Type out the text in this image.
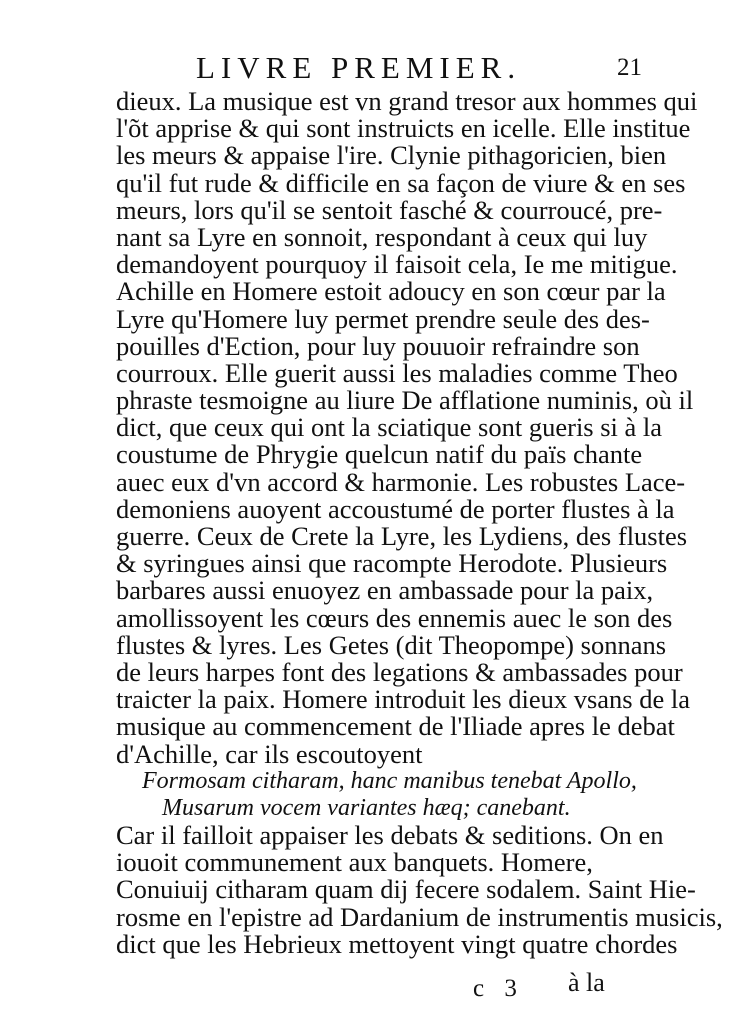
LIVRE PREMIER.	21
dieux. La musique est vn grand tresor aux hommes qui
l'õt apprise & qui sont instruicts en icelle. Elle institue
les meurs & appaise l'ire. Clynie pithagoricien, bien
qu'il fut rude & difficile en sa façon de viure & en ses
meurs, lors qu'il se sentoit fasché & courroucé, pre-
nant sa Lyre en sonnoit, respondant à ceux qui luy
demandoyent pourquoy il faisoit cela, Ie me mitigue.
Achille en Homere estoit adoucy en son cœur par la
Lyre qu'Homere luy permet prendre seule des des-
pouilles d'Ection, pour luy pouuoir refraindre son
courroux. Elle guerit aussi les maladies comme Theo
phraste tesmoigne au liure De afflatione numinis, où il
dict, que ceux qui ont la sciatique sont gueris si à la
coustume de Phrygie quelcun natif du païs chante
auec eux d'vn accord & harmonie. Les robustes Lace-
demoniens auoyent accoustumé de porter flustes à la
guerre. Ceux de Crete la Lyre, les Lydiens, des flustes
& syringues ainsi que racompte Herodote. Plusieurs
barbares aussi enuoyez en ambassade pour la paix,
amollissoyent les cœurs des ennemis auec le son des
flustes & lyres. Les Getes (dit Theopompe) sonnans
de leurs harpes font des legations & ambassades pour
traicter la paix. Homere introduit les dieux vsans de la
musique au commencement de l'Iliade apres le debat
d'Achille, car ils escoutoyent
Formosam citharam, hanc manibus tenebat Apollo,
Musarum vocem variantes hæq; canebant.
Car il failloit appaiser les debats & seditions. On en
iouoit communement aux banquets. Homere,
Conuiuij citharam quam dij fecere sodalem. Saint Hie-
rosme en l'epistre ad Dardanium de instrumentis musicis,
dict que les Hebrieux mettoyent vingt quatre chordes
c 3 à la
